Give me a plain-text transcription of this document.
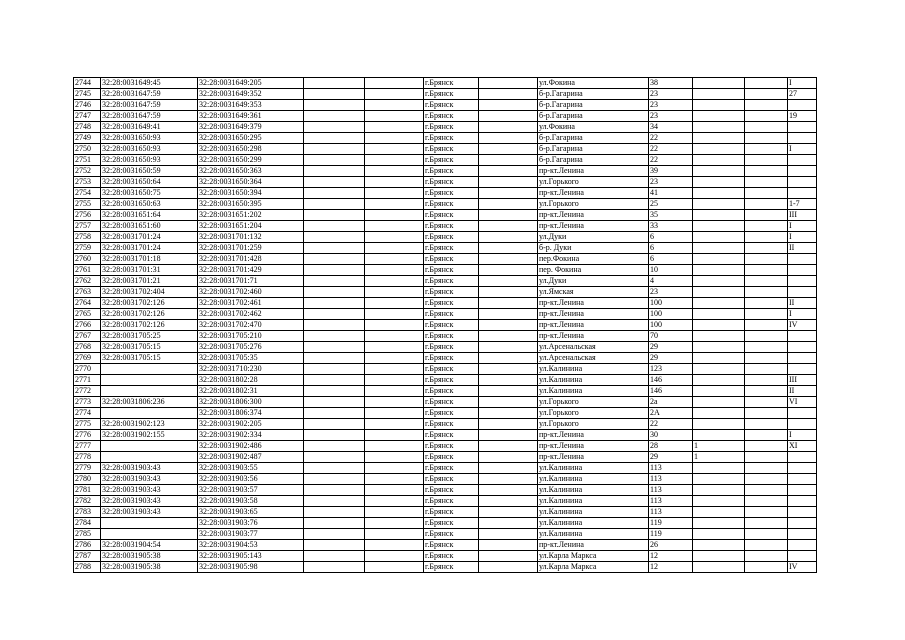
2744	32:28:0031649:45	32:28:0031649:205			г.Брянск		ул.Фокина	38			I
2745	32:28:0031647:59	32:28:0031649:352			г.Брянск		б-р.Гагарина	23			27
2746	32:28:0031647:59	32:28:0031649:353			г.Брянск		б-р.Гагарина	23			
2747	32:28:0031647:59	32:28:0031649:361			г.Брянск		б-р.Гагарина	23			19
2748	32:28:0031649:41	32:28:0031649:379			г.Брянск		ул.Фокина	34			
2749	32:28:0031650:93	32:28:0031650:295			г.Брянск		б-р.Гагарина	22			
2750	32:28:0031650:93	32:28:0031650:298			г.Брянск		б-р.Гагарина	22			I
2751	32:28:0031650:93	32:28:0031650:299			г.Брянск		б-р.Гагарина	22			
2752	32:28:0031650:59	32:28:0031650:363			г.Брянск		пр-кт.Ленина	39			
2753	32:28:0031650:64	32:28:0031650:364			г.Брянск		ул.Горького	23			
2754	32:28:0031650:75	32:28:0031650:394			г.Брянск		пр-кт.Ленина	41			
2755	32:28:0031650:63	32:28:0031650:395			г.Брянск		ул.Горького	25			1-7
2756	32:28:0031651:64	32:28:0031651:202			г.Брянск		пр-кт.Ленина	35			III
2757	32:28:0031651:60	32:28:0031651:204			г.Брянск		пр-кт.Ленина	33			I
2758	32:28:0031701:24	32:28:0031701:132			г.Брянск		ул.Дуки	6			I
2759	32:28:0031701:24	32:28:0031701:259			г.Брянск		б-р. Дуки	6			II
2760	32:28:0031701:18	32:28:0031701:428			г.Брянск		пер.Фокина	6			
2761	32:28:0031701:31	32:28:0031701:429			г.Брянск		пер. Фокина	10			
2762	32:28:0031701:21	32:28:0031701:71			г.Брянск		ул.Дуки	4			
2763	32:28:0031702:404	32:28:0031702:460			г.Брянск		ул.Ямская	23			
2764	32:28:0031702:126	32:28:0031702:461			г.Брянск		пр-кт.Ленина	100			II
2765	32:28:0031702:126	32:28:0031702:462			г.Брянск		пр-кт.Ленина	100			I
2766	32:28:0031702:126	32:28:0031702:470			г.Брянск		пр-кт.Ленина	100			IV
2767	32:28:0031705:25	32:28:0031705:210			г.Брянск		пр-кт.Ленина	70			
2768	32:28:0031705:15	32:28:0031705:276			г.Брянск		ул.Арсенальская	29			
2769	32:28:0031705:15	32:28:0031705:35			г.Брянск		ул.Арсенальская	29			
2770		32:28:0031710:230			г.Брянск		ул.Калинина	123			
2771		32:28:0031802:28			г.Брянск		ул.Калинина	146			III
2772		32:28:0031802:31			г.Брянск		ул.Калинина	146			II
2773	32:28:0031806:236	32:28:0031806:300			г.Брянск		ул.Горького	2а			VI
2774		32:28:0031806:374			г.Брянск		ул.Горького	2А			
2775	32:28:0031902:123	32:28:0031902:205			г.Брянск		ул.Горького	22			
2776	32:28:0031902:155	32:28:0031902:334			г.Брянск		пр-кт.Ленина	30			I
2777		32:28:0031902:486			г.Брянск		пр-кт.Ленина	28	1		XI
2778		32:28:0031902:487			г.Брянск		пр-кт.Ленина	29	1		
2779	32:28:0031903:43	32:28:0031903:55			г.Брянск		ул.Калинина	113			
2780	32:28:0031903:43	32:28:0031903:56			г.Брянск		ул.Калинина	113			
2781	32:28:0031903:43	32:28:0031903:57			г.Брянск		ул.Калинина	113			
2782	32:28:0031903:43	32:28:0031903:58			г.Брянск		ул.Калинина	113			
2783	32:28:0031903:43	32:28:0031903:65			г.Брянск		ул.Калинина	113			
2784		32:28:0031903:76			г.Брянск		ул.Калинина	119			
2785		32:28:0031903:77			г.Брянск		ул.Калинина	119			
2786	32:28:0031904:54	32:28:0031904:53			г.Брянск		пр-кт.Ленина	26			
2787	32:28:0031905:38	32:28:0031905:143			г.Брянск		ул.Карла Маркса	12			
2788	32:28:0031905:38	32:28:0031905:98			г.Брянск		ул.Карла Маркса	12			IV
